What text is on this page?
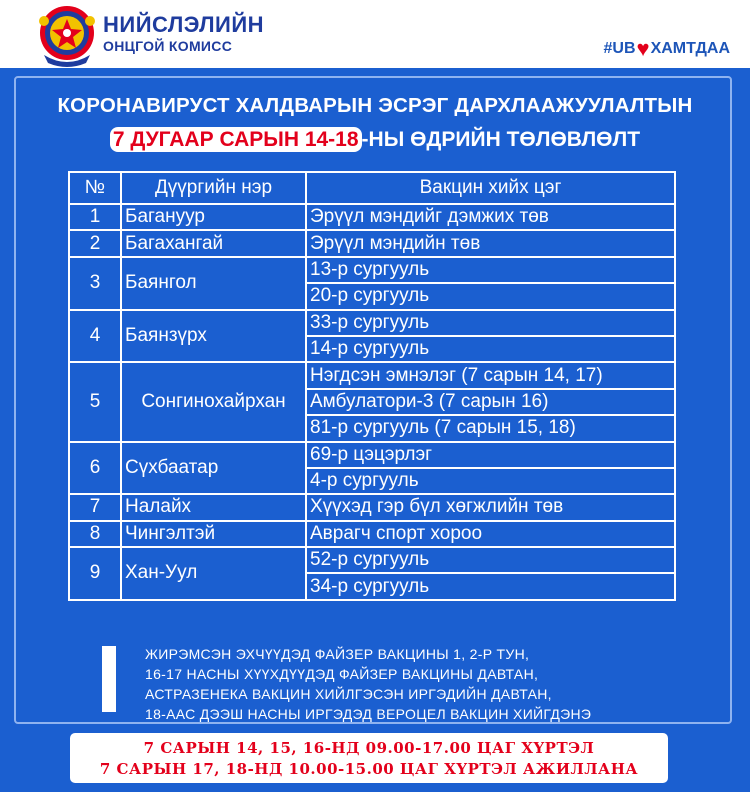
НИЙСЛЭЛИЙН
ОНЦГОЙ КОМИСС	#UB ♥ ХАМТДАА
КОРОНАВИРУСТ ХАЛДВАРЫН ЭСРЭГ ДАРХЛААЖУУЛАЛТЫН
7 ДУГААР САРЫН 14-18 -НЫ ӨДРИЙН ТӨЛӨВЛӨЛТ
№	Дүүргийн нэр	Вакцин хийх цэг
1	Багануур	Эрүүл мэндийг дэмжих төв
2	Багахангай	Эрүүл мэндийн төв
3	Баянгол	13-р сургууль
		20-р сургууль
4	Баянзүрх	33-р сургууль
		14-р сургууль
5	Сонгинохайрхан	Нэгдсэн эмнэлэг (7 сарын 14, 17)
		Амбулатори-3 (7 сарын 16)
		81-р сургууль (7 сарын 15, 18)
6	Сүхбаатар	69-р цэцэрлэг
		4-р сургууль
7	Налайх	Хүүхэд гэр бүл хөгжлийн төв
8	Чингэлтэй	Аврагч спорт хороо
9	Хан-Уул	52-р сургууль
		34-р сургууль
ЖИРЭМСЭН ЭХЧҮҮДЭД ФАЙЗЕР ВАКЦИНЫ 1, 2-Р ТУН,
16-17 НАСНЫ ХҮҮХДҮҮДЭД ФАЙЗЕР ВАКЦИНЫ ДАВТАН,
АСТРАЗЕНЕКА ВАКЦИН ХИЙЛГЭСЭН ИРГЭДИЙН ДАВТАН,
18-ААС ДЭЭШ НАСНЫ ИРГЭДЭД ВЕРОЦЕЛ ВАКЦИН ХИЙГДЭНЭ
7 САРЫН 14, 15, 16-НД 09.00-17.00 ЦАГ ХҮРТЭЛ
7 САРЫН 17, 18-НД 10.00-15.00 ЦАГ ХҮРТЭЛ АЖИЛЛАНА
